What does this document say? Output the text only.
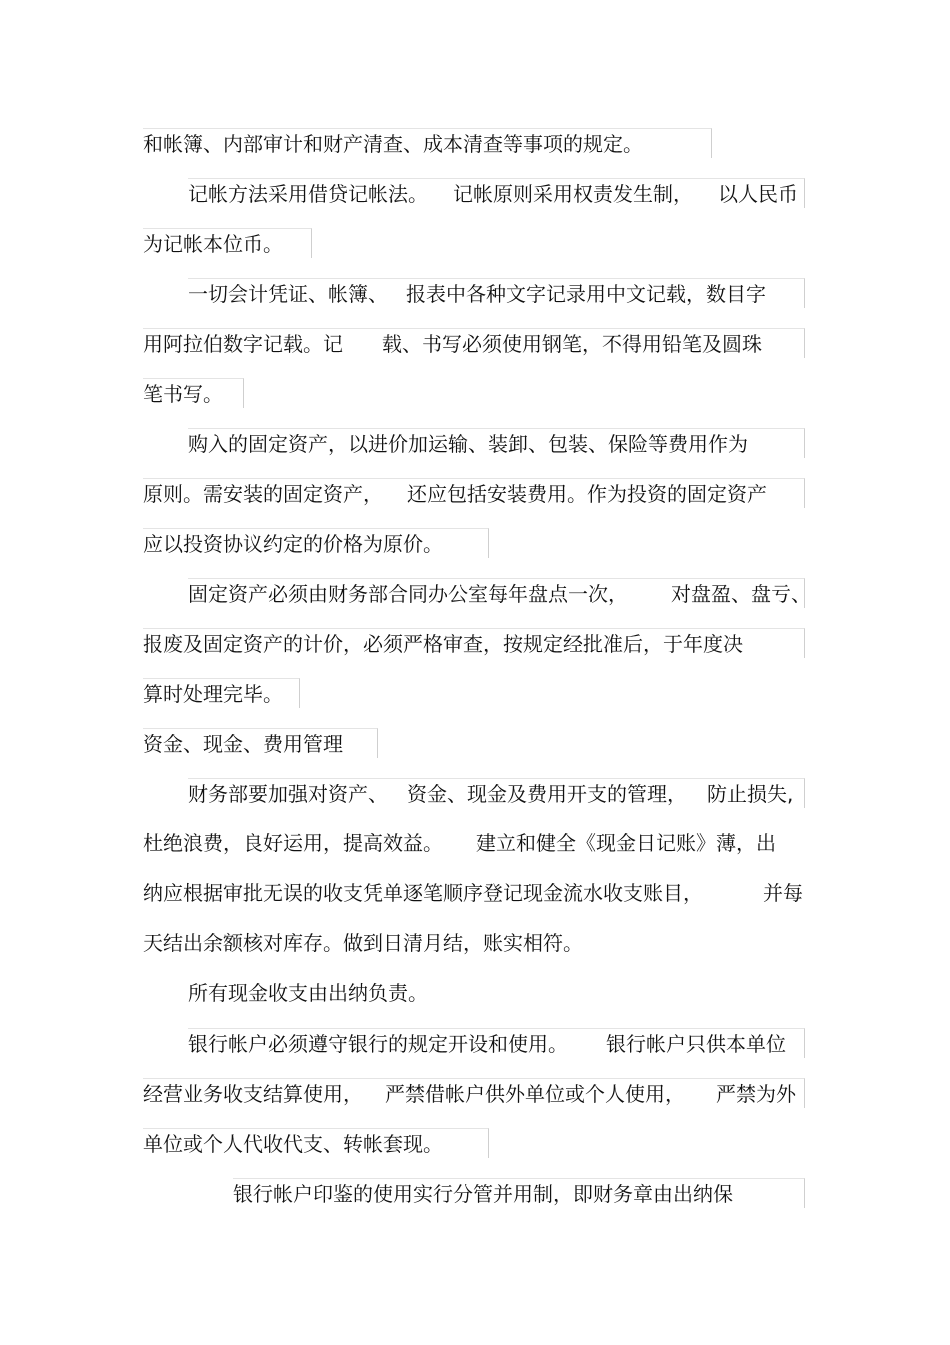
和帐簿、内部审计和财产清查、成本清查等事项的规定。

记帐方法采用借贷记帐法。

记帐原则采用权责发生制，

以人民币

为记帐本位币。

一切会计凭证、帐簿、

报表中各种文字记录用中文记载，数目字

用阿拉伯数字记载。记

载、书写必须使用钢笔，不得用铅笔及圆珠

笔书写。

购入的固定资产，以进价加运输、装卸、包装、保险等费用作为

原则。需安装的固定资产，

还应包括安装费用。作为投资的固定资产

应以投资协议约定的价格为原价。

固定资产必须由财务部合同办公室每年盘点一次，

对盘盈、盘亏、

报废及固定资产的计价，必须严格审查，按规定经批准后，于年度决

算时处理完毕。

资金、现金、费用管理

财务部要加强对资产、

资金、现金及费用开支的管理，

防止损失,

杜绝浪费，良好运用，提高效益。

建立和健全《现金日记账》薄，出

纳应根据审批无误的收支凭单逐笔顺序登记现金流水收支账目，

	并每

天结出余额核对库存。做到日清月结，账实相符。

所有现金收支由出纳负责。

银行帐户必须遵守银行的规定开设和使用。

银行帐户只供本单位

经营业务收支结算使用，

严禁借帐户供外单位或个人使用，

严禁为外

单位或个人代收代支、转帐套现。

银行帐户印鉴的使用实行分管并用制，即财务章由出纳保
